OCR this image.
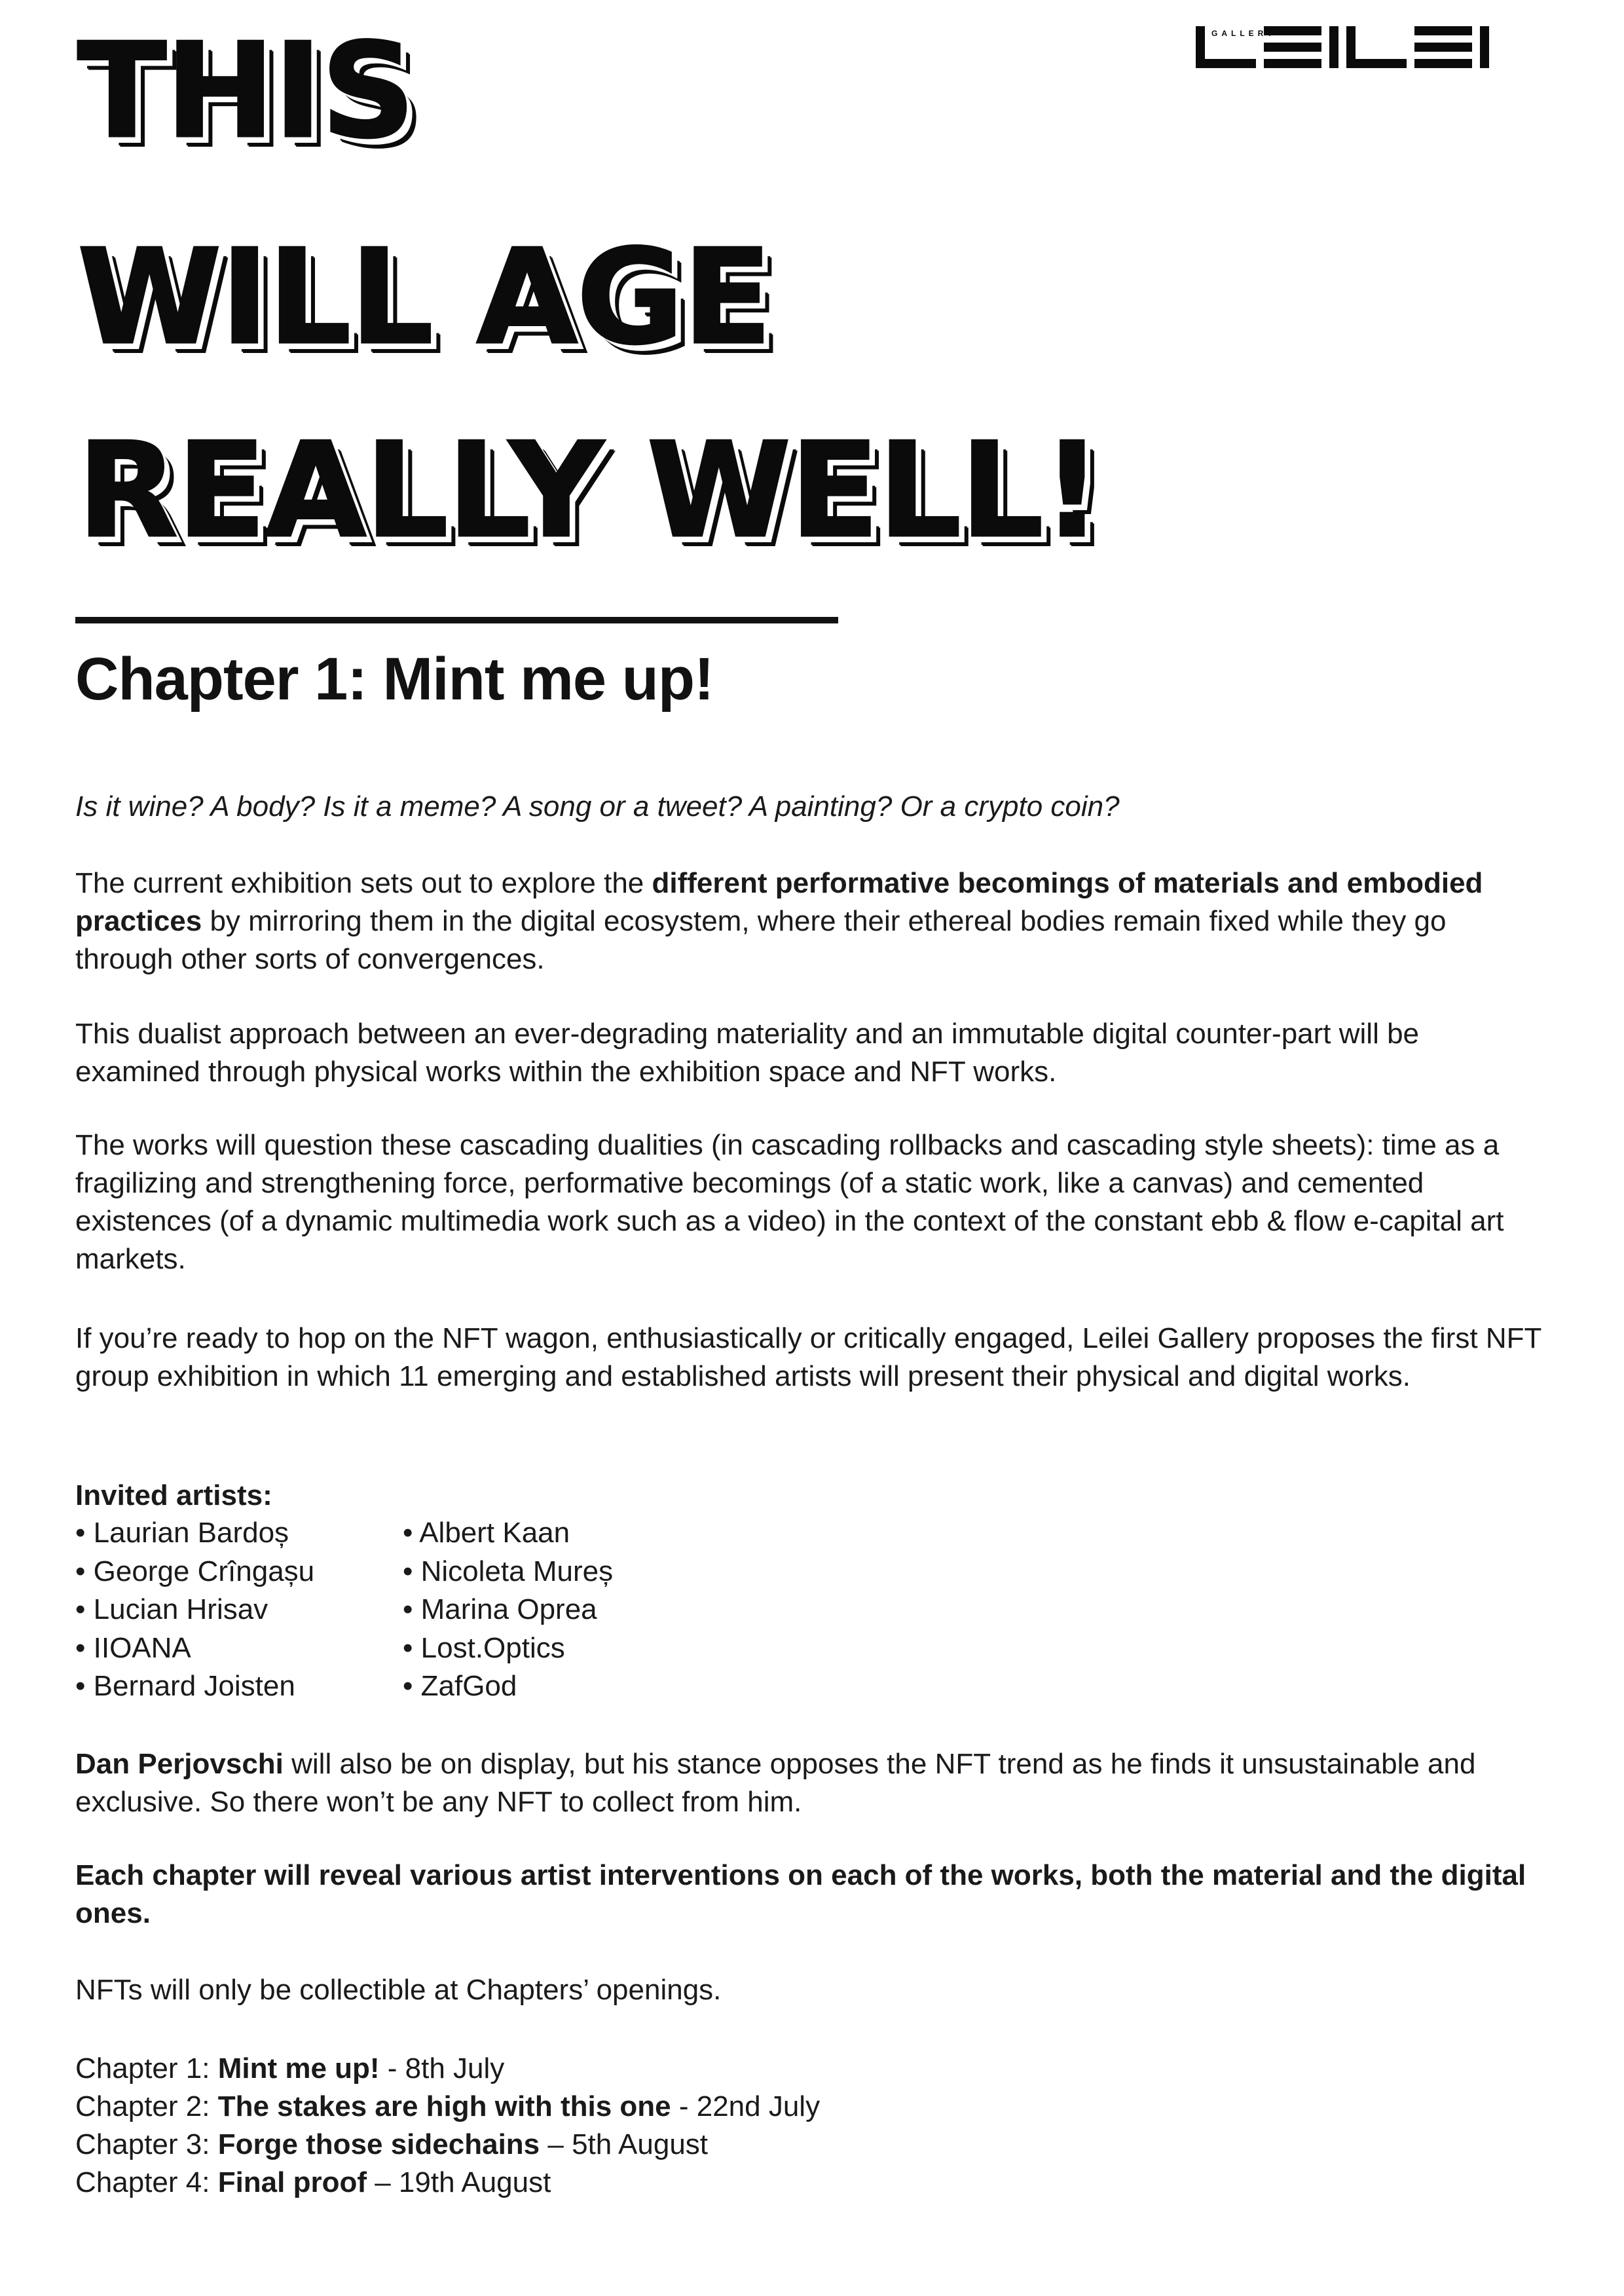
THIS
WILL AGE
REALLY WELL!
GALLERY
Chapter 1: Mint me up!
Is it wine? A body? Is it a meme? A song or a tweet? A painting? Or a crypto coin?
The current exhibition sets out to explore the different performative becomings of materials and embodied practices by mirroring them in the digital ecosystem, where their ethereal bodies remain fixed while they go through other sorts of convergences.
This dualist approach between an ever-degrading materiality and an immutable digital counter-part will be examined through physical works within the exhibition space and NFT works.
The works will question these cascading dualities (in cascading rollbacks and cascading style sheets): time as a fragilizing and strengthening force, performative becomings (of a static work, like a canvas) and cemented existences (of a dynamic multimedia work such as a video) in the context of the constant ebb & flow e-capital art markets.
If you’re ready to hop on the NFT wagon, enthusiastically or critically engaged, Leilei Gallery proposes the first NFT group exhibition in which 11 emerging and established artists will present their physical and digital works.
Invited artists:
• Laurian Bardoș
• George Crîngașu
• Lucian Hrisav
• IIOANA
• Bernard Joisten
• Albert Kaan
• Nicoleta Mureș
• Marina Oprea
• Lost.Optics
• ZafGod
Dan Perjovschi will also be on display, but his stance opposes the NFT trend as he finds it unsustainable and exclusive. So there won’t be any NFT to collect from him.
Each chapter will reveal various artist interventions on each of the works, both the material and the digital ones.
NFTs will only be collectible at Chapters’ openings.
Chapter 1: Mint me up! - 8th July
Chapter 2: The stakes are high with this one - 22nd July
Chapter 3: Forge those sidechains – 5th August
Chapter 4: Final proof – 19th August
